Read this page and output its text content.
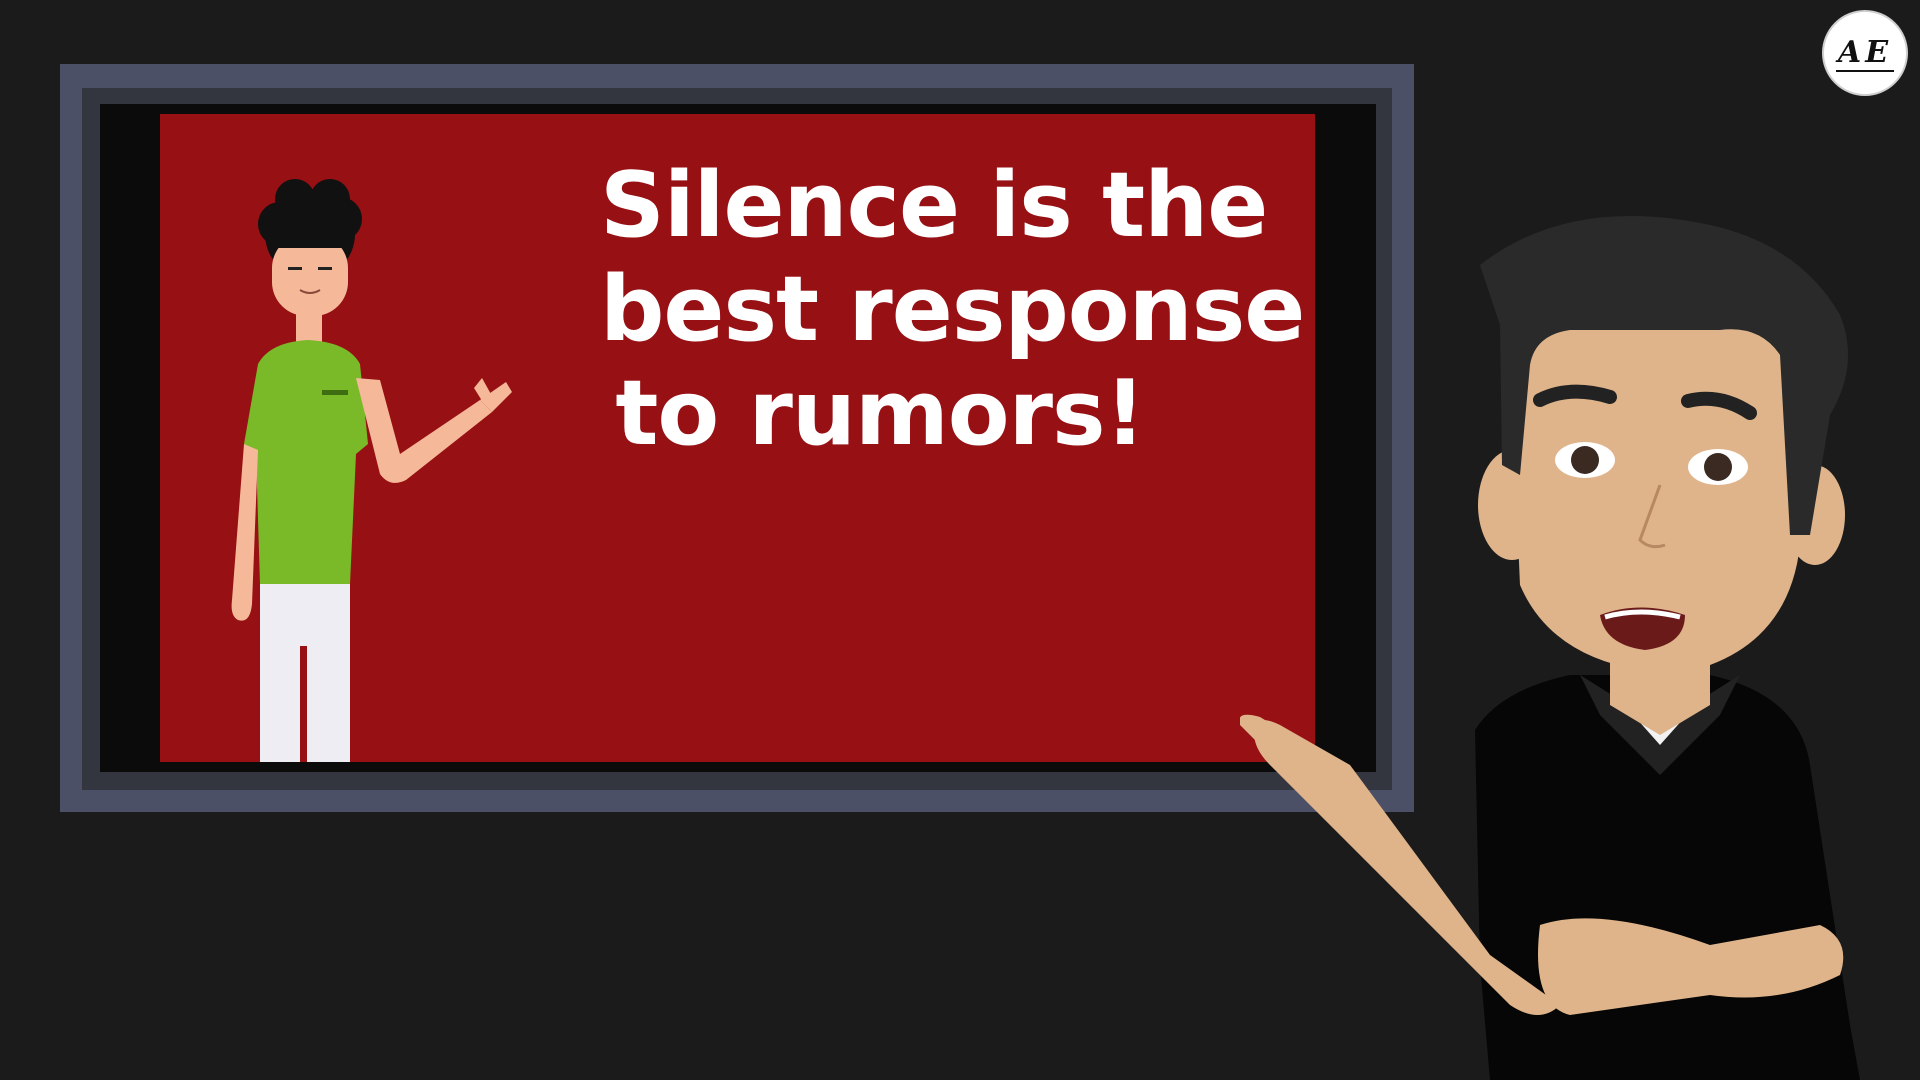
Silence is the
best response
to rumors!
AE
